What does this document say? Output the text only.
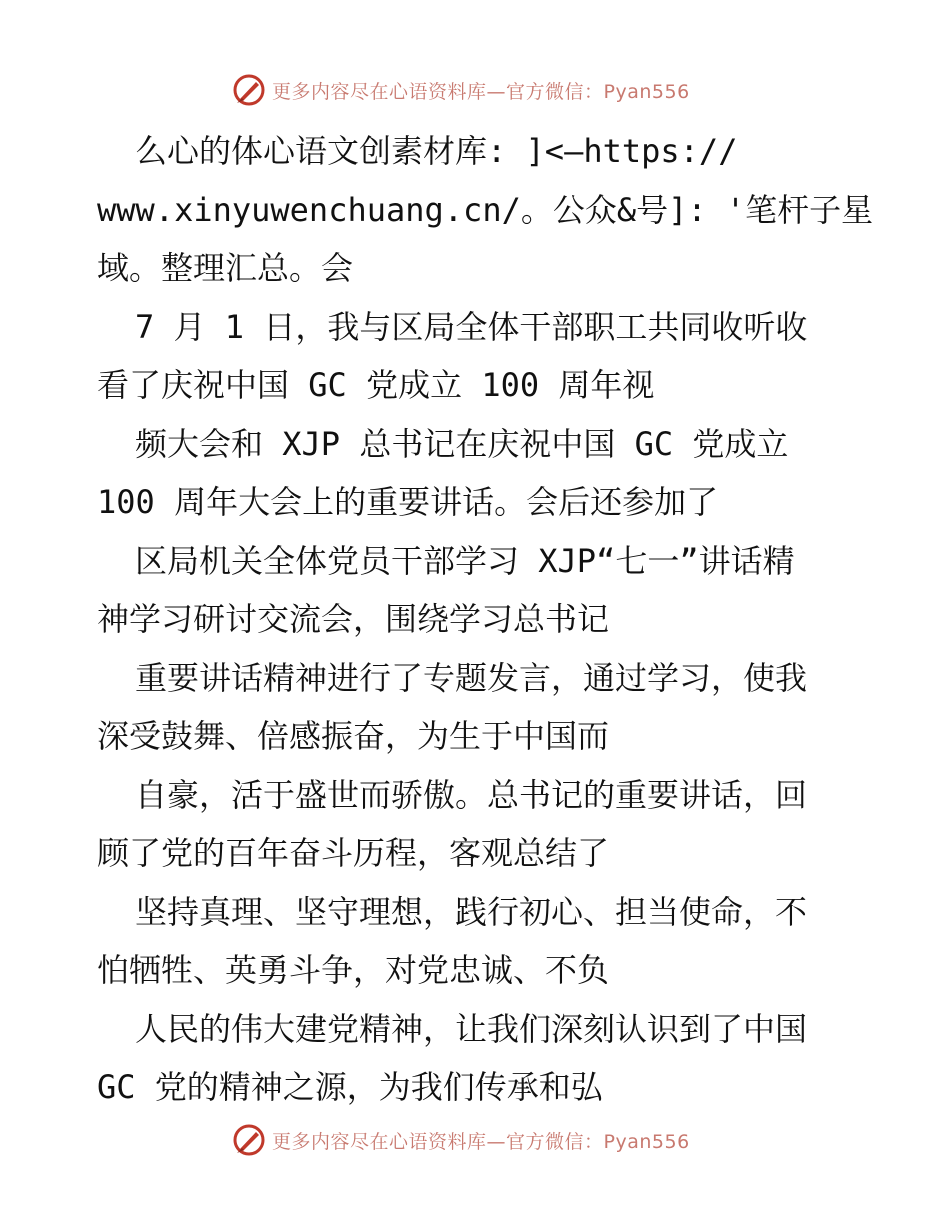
更多内容尽在心语资料库—官方微信：Pyan556
么心的体心语文创素材库: ]<—https://
www.xinyuwenchuang.cn/。公众&号]: '笔杆子星
域。整理汇总。会
7 月 1 日，我与区局全体干部职工共同收听收
看了庆祝中国 GC 党成立 100 周年视
频大会和 XJP 总书记在庆祝中国 GC 党成立
100 周年大会上的重要讲话。会后还参加了
区局机关全体党员干部学习 XJP“七一”讲话精
神学习研讨交流会，围绕学习总书记
重要讲话精神进行了专题发言，通过学习，使我
深受鼓舞、倍感振奋，为生于中国而
自豪，活于盛世而骄傲。总书记的重要讲话，回
顾了党的百年奋斗历程，客观总结了
坚持真理、坚守理想，践行初心、担当使命，不
怕牺牲、英勇斗争，对党忠诚、不负
人民的伟大建党精神，让我们深刻认识到了中国
GC 党的精神之源，为我们传承和弘
更多内容尽在心语资料库—官方微信：Pyan556
